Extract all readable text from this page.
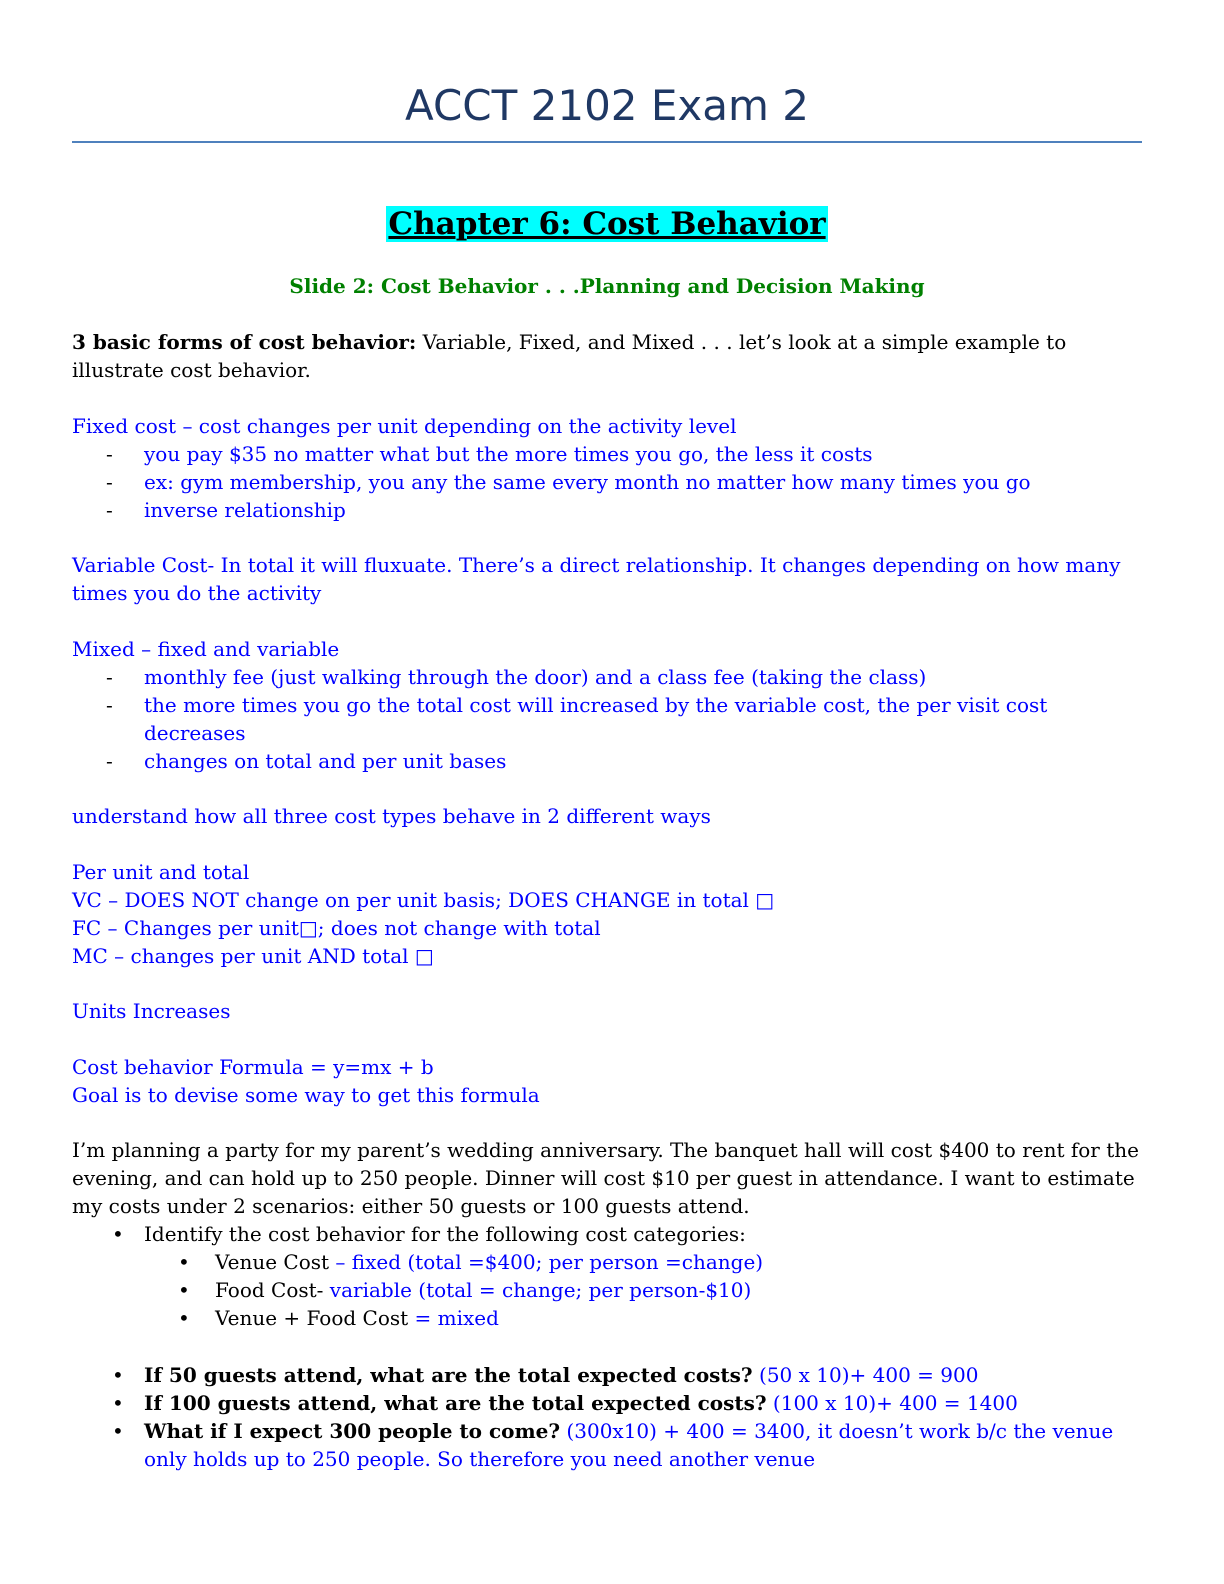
ACCT 2102 Exam 2
Chapter 6: Cost Behavior
Slide 2: Cost Behavior . . .Planning and Decision Making

3 basic forms of cost behavior: Variable, Fixed, and Mixed . . . let’s look at a simple example to illustrate cost behavior.

Fixed cost – cost changes per unit depending on the activity level

- you pay $35 no matter what but the more times you go, the less it costs
- ex: gym membership, you any the same every month no matter how many times you go
- inverse relationship

Variable Cost- In total it will fluxuate. There’s a direct relationship. It changes depending on how many times you do the activity

Mixed – fixed and variable

- monthly fee (just walking through the door) and a class fee (taking the class)
- the more times you go the total cost will increased by the variable cost, the per visit cost decreases
- changes on total and per unit bases

understand how all three cost types behave in 2 different ways

Per unit and total

VC – DOES NOT change on per unit basis; DOES CHANGE in total □

FC – Changes per unit□; does not change with total

MC – changes per unit AND total □

Units Increases

Cost behavior Formula = y=mx + b

Goal is to devise some way to get this formula

I’m planning a party for my parent’s wedding anniversary. The banquet hall will cost $400 to rent for the evening, and can hold up to 250 people. Dinner will cost $10 per guest in attendance. I want to estimate my costs under 2 scenarios: either 50 guests or 100 guests attend.

• Identify the cost behavior for the following cost categories:
• Venue Cost – fixed (total =$400; per person =change)
• Food Cost- variable (total = change; per person-$10)
• Venue + Food Cost = mixed
• If 50 guests attend, what are the total expected costs? (50 x 10)+ 400 = 900
• If 100 guests attend, what are the total expected costs? (100 x 10)+ 400 = 1400
• What if I expect 300 people to come? (300x10) + 400 = 3400, it doesn’t work b/c the venue only holds up to 250 people. So therefore you need another venue
